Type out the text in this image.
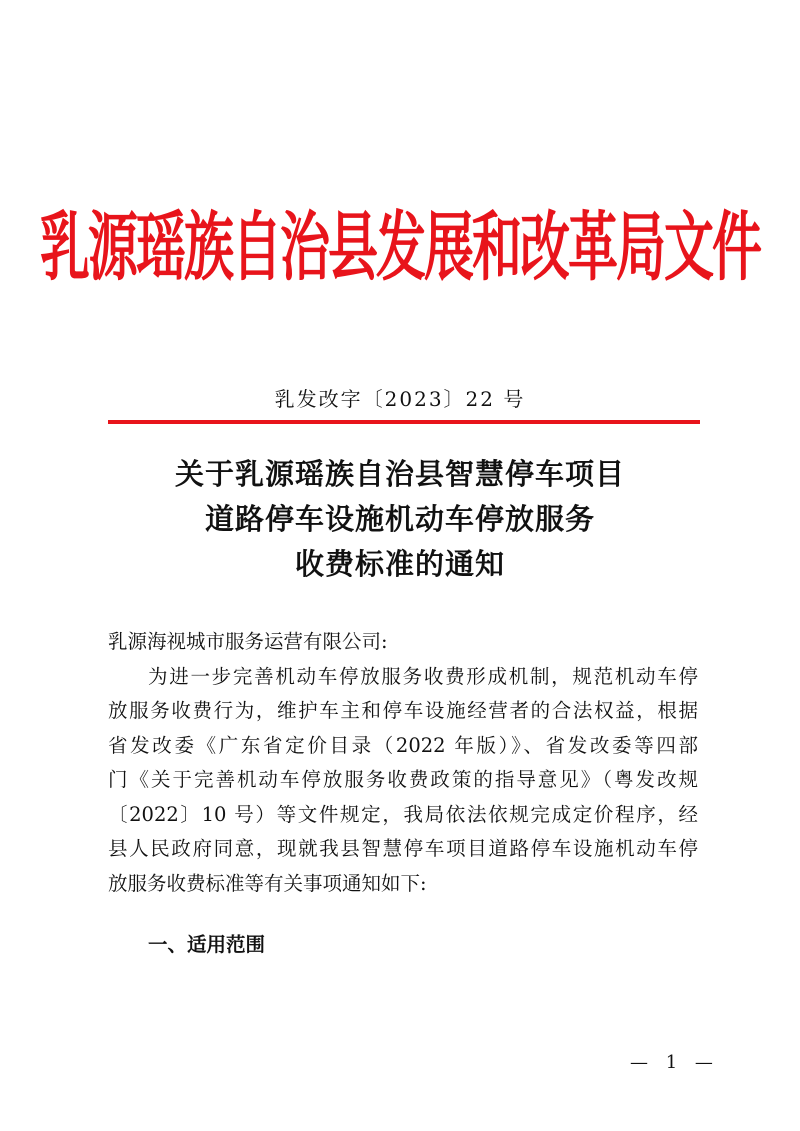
乳源瑶族自治县发展和改革局文件
乳发改字〔2023〕22 号
关于乳源瑶族自治县智慧停车项目
道路停车设施机动车停放服务
收费标准的通知
乳源海视城市服务运营有限公司:
为进一步完善机动车停放服务收费形成机制，规范机动车停
放服务收费行为，维护车主和停车设施经营者的合法权益，根据
省发改委《广东省定价目录（2022 年版）》、省发改委等四部
门《关于完善机动车停放服务收费政策的指导意见》（粤发改规
〔2022〕10 号）等文件规定，我局依法依规完成定价程序，经
县人民政府同意，现就我县智慧停车项目道路停车设施机动车停
放服务收费标准等有关事项通知如下:
一、适用范围
— 1 —
